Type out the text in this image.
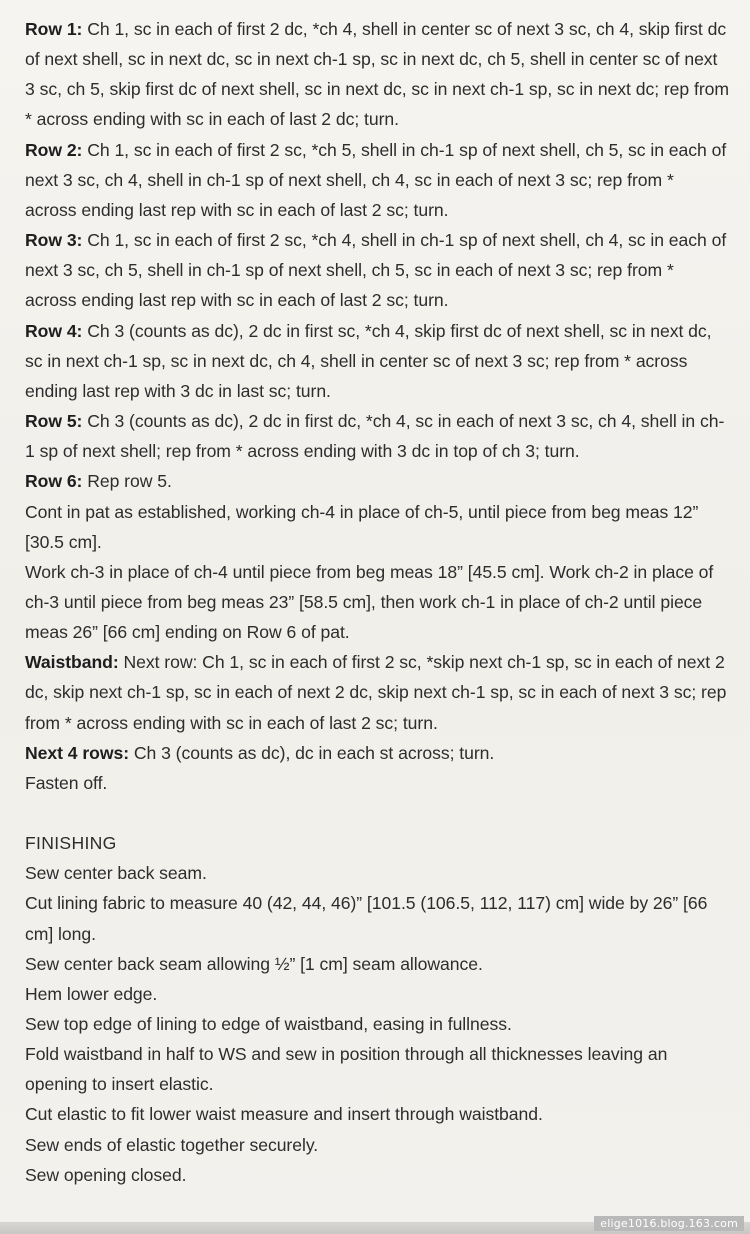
Row 1: Ch 1, sc in each of first 2 dc, *ch 4, shell in center sc of next 3 sc, ch 4, skip first dc of next shell, sc in next dc, sc in next ch-1 sp, sc in next dc, ch 5, shell in center sc of next 3 sc, ch 5, skip first dc of next shell, sc in next dc, sc in next ch-1 sp, sc in next dc; rep from * across ending with sc in each of last 2 dc; turn.

Row 2: Ch 1, sc in each of first 2 sc, *ch 5, shell in ch-1 sp of next shell, ch 5, sc in each of next 3 sc, ch 4, shell in ch-1 sp of next shell, ch 4, sc in each of next 3 sc; rep from * across ending last rep with sc in each of last 2 sc; turn.

Row 3: Ch 1, sc in each of first 2 sc, *ch 4, shell in ch-1 sp of next shell, ch 4, sc in each of next 3 sc, ch 5, shell in ch-1 sp of next shell, ch 5, sc in each of next 3 sc; rep from * across ending last rep with sc in each of last 2 sc; turn.

Row 4: Ch 3 (counts as dc), 2 dc in first sc, *ch 4, skip first dc of next shell, sc in next dc, sc in next ch-1 sp, sc in next dc, ch 4, shell in center sc of next 3 sc; rep from * across ending last rep with 3 dc in last sc; turn.

Row 5: Ch 3 (counts as dc), 2 dc in first dc, *ch 4, sc in each of next 3 sc, ch 4, shell in ch-1 sp of next shell; rep from * across ending with 3 dc in top of ch 3; turn.

Row 6: Rep row 5.

Cont in pat as established, working ch-4 in place of ch-5, until piece from beg meas 12” [30.5 cm].

Work ch-3 in place of ch-4 until piece from beg meas 18” [45.5 cm]. Work ch-2 in place of ch-3 until piece from beg meas 23” [58.5 cm], then work ch-1 in place of ch-2 until piece meas 26” [66 cm] ending on Row 6 of pat.

Waistband: Next row: Ch 1, sc in each of first 2 sc, *skip next ch-1 sp, sc in each of next 2 dc, skip next ch-1 sp, sc in each of next 2 dc, skip next ch-1 sp, sc in each of next 3 sc; rep from * across ending with sc in each of last 2 sc; turn.

Next 4 rows: Ch 3 (counts as dc), dc in each st across; turn.

Fasten off.

FINISHING

Sew center back seam.

Cut lining fabric to measure 40 (42, 44, 46)” [101.5 (106.5, 112, 117) cm] wide by 26” [66 cm] long.

Sew center back seam allowing ½” [1 cm] seam allowance.

Hem lower edge.

Sew top edge of lining to edge of waistband, easing in fullness.

Fold waistband in half to WS and sew in position through all thicknesses leaving an opening to insert elastic.

Cut elastic to fit lower waist measure and insert through waistband.

Sew ends of elastic together securely.

Sew opening closed.

elige1016.blog.163.com
